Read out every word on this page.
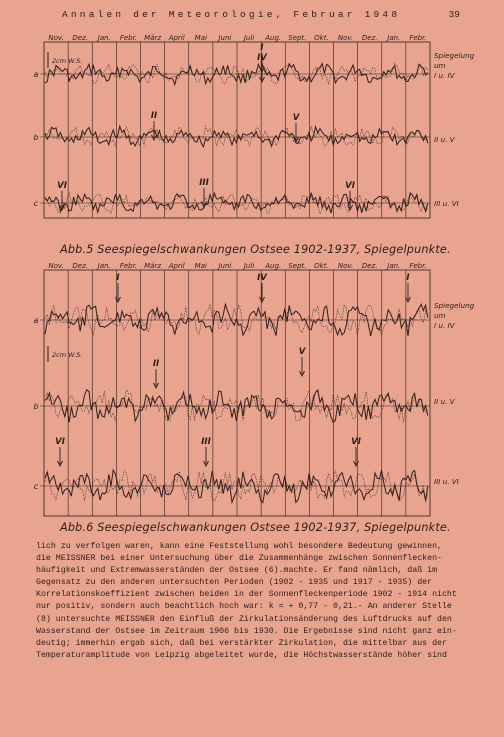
Annalen der Meteorologie, Februar 1948	39
Nov. Dez. Jan. Febr. März April Mai Juni Juli Aug. Sept. Okt. Nov. Dez. Jan. Febr.
a
Spiegelung
um
I u. IV
b	II u. V
c	III u. VI
2cm W.S.
I
II
III
IV
V
VI	VI
Abb.5 Seespiegelschwankungen Ostsee 1902-1937, Spiegelpunkte.
Nov. Dez. Jan. Febr. März April Mai Juni Juli Aug. Sept. Okt. Nov. Dez. Jan. Febr.
a
Spiegelung
um
I u. IV
b
II u. V
c
III u. VI
2cm W.S.
I	I
IV
V
II
III
VI	VI
Abb.6 Seespiegelschwankungen Ostsee 1902-1937, Spiegelpunkte.
lich zu verfolgen waren, kann eine Feststellung wohl besondere Bedeutung gewinnen,
die MEISSNER bei einer Untersuchung über die Zusammenhänge zwischen Sonnenflecken-
häufigkeit und Extremwasserständen der Ostsee (6).machte. Er fand nämlich, daß im
Gegensatz zu den anderen untersuchten Perioden (1902 - 1935 und 1917 - 1935) der
Korrelationskoeffizient zwischen beiden in der Sonnenfleckenperiode 1902 - 1914 nicht
nur positiv, sondern auch beachtlich hoch war: k = + 0,77 - 0,21.- An anderer Stelle
(8) untersuchte MEISSNER den Einfluß der Zirkulationsänderung des Luftdrucks auf den
Wasserstand der Ostsee im Zeitraum 1906 bis 1930. Die Ergebnisse sind nicht ganz ein-
deutig; immerhin ergab sich, daß bei verstärkter Zirkulation, die mittelbar aus der
Temperaturamplitude von Leipzig abgeleitet wurde, die Höchstwasserstände höher sind
